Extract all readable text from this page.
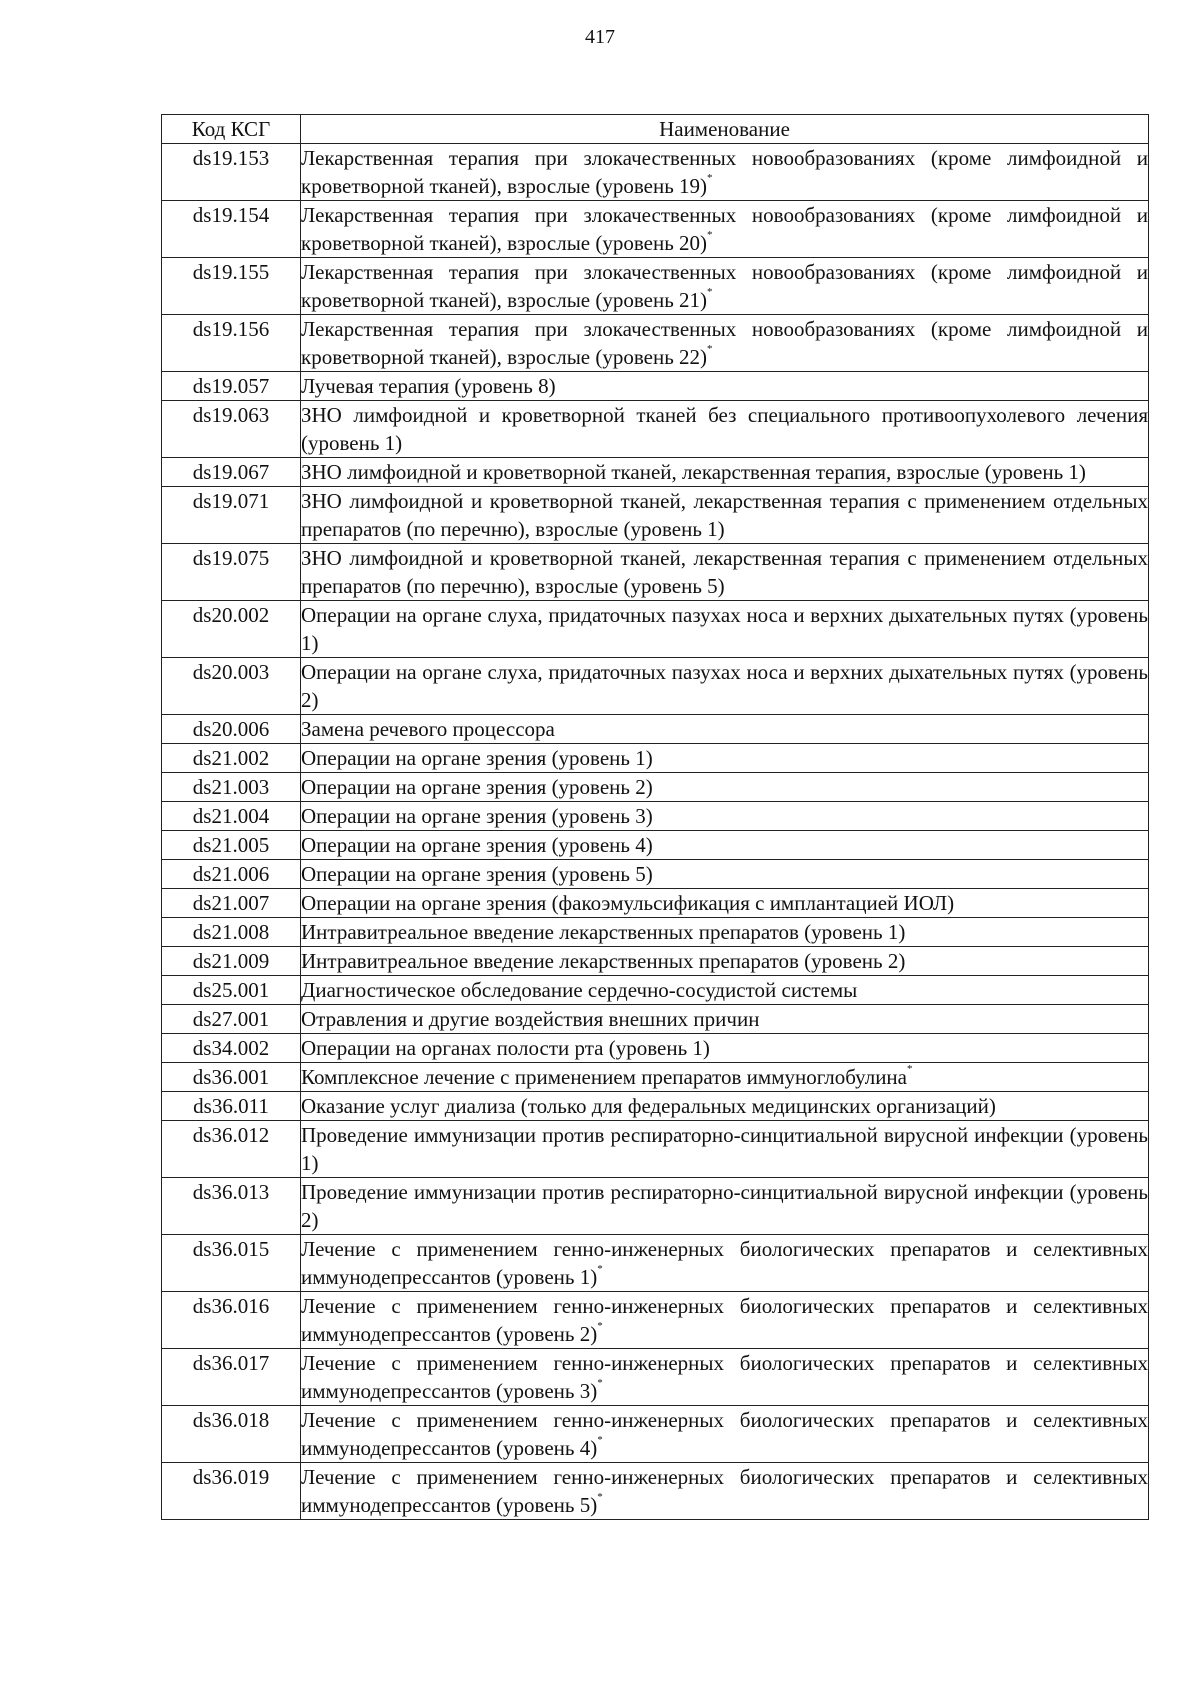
417
Код КСГ	Наименование
ds19.153	Лекарственная терапия при злокачественных новообразованиях (кроме лимфоидной и кроветворной тканей), взрослые (уровень 19)*
ds19.154	Лекарственная терапия при злокачественных новообразованиях (кроме лимфоидной и кроветворной тканей), взрослые (уровень 20)*
ds19.155	Лекарственная терапия при злокачественных новообразованиях (кроме лимфоидной и кроветворной тканей), взрослые (уровень 21)*
ds19.156	Лекарственная терапия при злокачественных новообразованиях (кроме лимфоидной и кроветворной тканей), взрослые (уровень 22)*
ds19.057	Лучевая терапия (уровень 8)
ds19.063	ЗНО лимфоидной и кроветворной тканей без специального противоопухолевого лечения (уровень 1)
ds19.067	ЗНО лимфоидной и кроветворной тканей, лекарственная терапия, взрослые (уровень 1)
ds19.071	ЗНО лимфоидной и кроветворной тканей, лекарственная терапия с применением отдельных препаратов (по перечню), взрослые (уровень 1)
ds19.075	ЗНО лимфоидной и кроветворной тканей, лекарственная терапия с применением отдельных препаратов (по перечню), взрослые (уровень 5)
ds20.002	Операции на органе слуха, придаточных пазухах носа и верхних дыхательных путях (уровень 1)
ds20.003	Операции на органе слуха, придаточных пазухах носа и верхних дыхательных путях (уровень 2)
ds20.006	Замена речевого процессора
ds21.002	Операции на органе зрения (уровень 1)
ds21.003	Операции на органе зрения (уровень 2)
ds21.004	Операции на органе зрения (уровень 3)
ds21.005	Операции на органе зрения (уровень 4)
ds21.006	Операции на органе зрения (уровень 5)
ds21.007	Операции на органе зрения (факоэмульсификация с имплантацией ИОЛ)
ds21.008	Интравитреальное введение лекарственных препаратов (уровень 1)
ds21.009	Интравитреальное введение лекарственных препаратов (уровень 2)
ds25.001	Диагностическое обследование сердечно-сосудистой системы
ds27.001	Отравления и другие воздействия внешних причин
ds34.002	Операции на органах полости рта (уровень 1)
ds36.001	Комплексное лечение с применением препаратов иммуноглобулина*
ds36.011	Оказание услуг диализа (только для федеральных медицинских организаций)
ds36.012	Проведение иммунизации против респираторно-синцитиальной вирусной инфекции (уровень 1)
ds36.013	Проведение иммунизации против респираторно-синцитиальной вирусной инфекции (уровень 2)
ds36.015	Лечение с применением генно-инженерных биологических препаратов и селективных иммунодепрессантов (уровень 1)*
ds36.016	Лечение с применением генно-инженерных биологических препаратов и селективных иммунодепрессантов (уровень 2)*
ds36.017	Лечение с применением генно-инженерных биологических препаратов и селективных иммунодепрессантов (уровень 3)*
ds36.018	Лечение с применением генно-инженерных биологических препаратов и селективных иммунодепрессантов (уровень 4)*
ds36.019	Лечение с применением генно-инженерных биологических препаратов и селективных иммунодепрессантов (уровень 5)*
